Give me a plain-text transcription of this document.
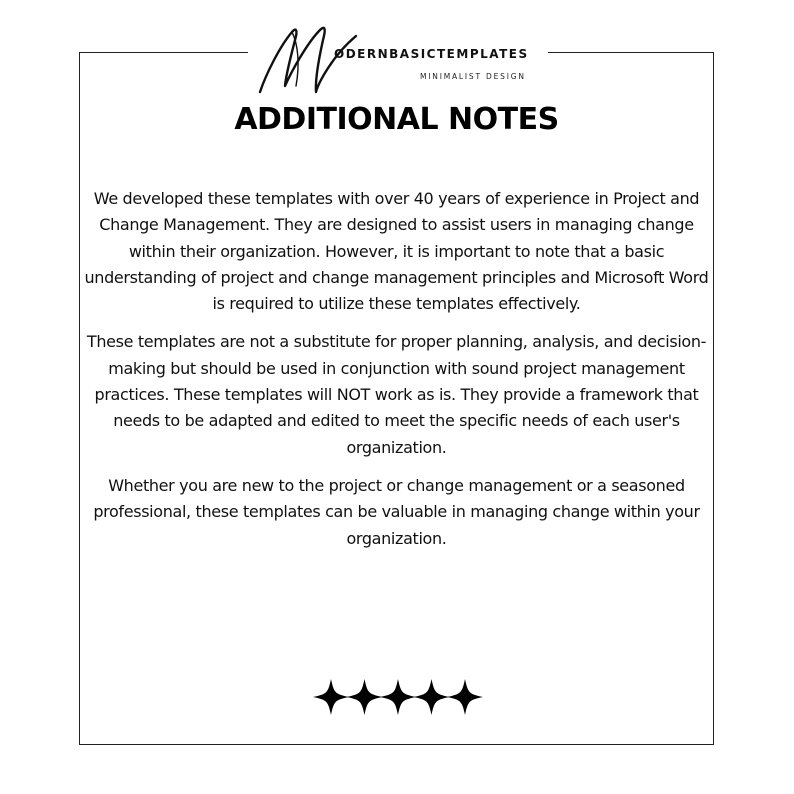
ODERNBASICTEMPLATES
MINIMALIST DESIGN
ADDITIONAL NOTES

We developed these templates with over 40 years of experience in Project and Change Management. They are designed to assist users in managing change within their organization. However, it is important to note that a basic understanding of project and change management principles and Microsoft Word is required to utilize these templates effectively.

These templates are not a substitute for proper planning, analysis, and decision-making but should be used in conjunction with sound project management practices. These templates will NOT work as is. They provide a framework that needs to be adapted and edited to meet the specific needs of each user's organization.

Whether you are new to the project or change management or a seasoned professional, these templates can be valuable in managing change within your organization.
